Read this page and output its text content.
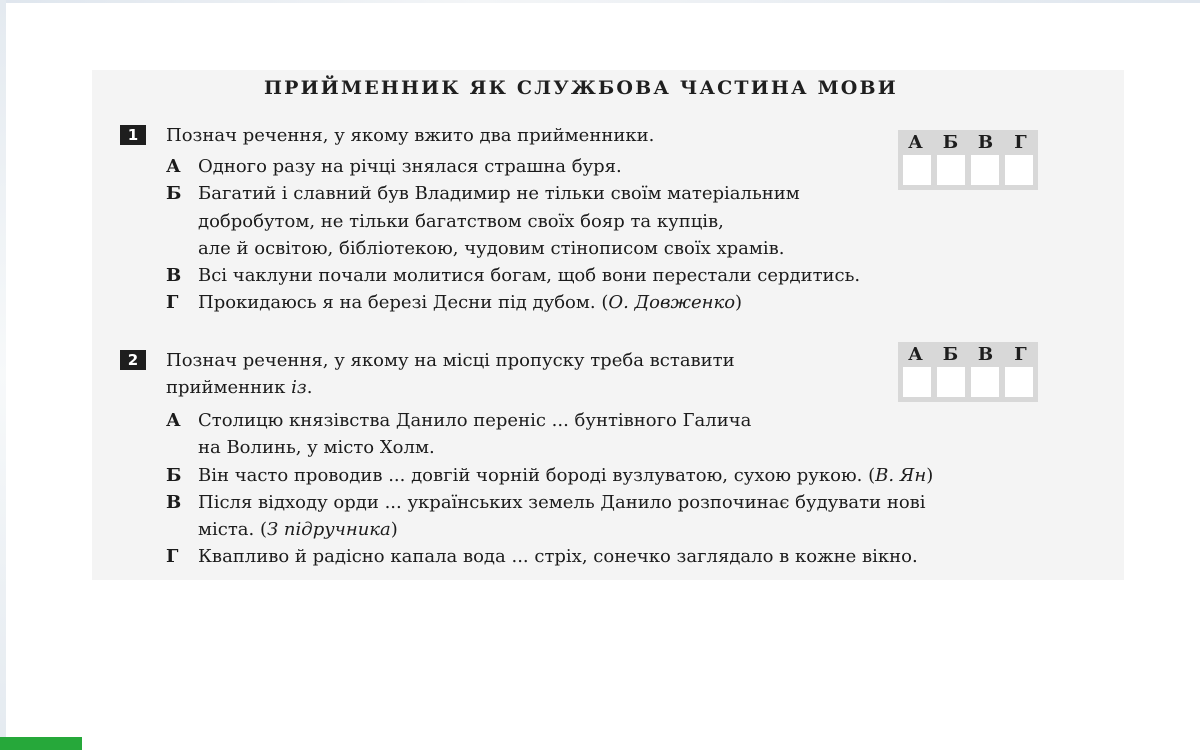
ПРИЙМЕННИК ЯК СЛУЖБОВА ЧАСТИНА МОВИ
1	Познач речення, у якому вжито два прийменники.
А Одного разу на річці знялася страшна буря.
Б Багатий і славний був Владимир не тільки своїм матеріальним
добробутом, не тільки багатством своїх бояр та купців,
але й освітою, бібліотекою, чудовим стінописом своїх храмів.
В Всі чаклуни почали молитися богам, щоб вони перестали сердитись.
Г	Прокидаюсь я на березі Десни під дубом. (О. Довженко)
А	Б	В	Г
2	Познач речення, у якому на місці пропуску треба вставити
прийменник із.
А Столицю князівства Данило переніс ... бунтівного Галича
на Волинь, у місто Холм.
Б Він часто проводив ... довгій чорній бороді вузлуватою, сухою рукою. (В. Ян)
В Після відходу орди ... українських земель Данило розпочинає будувати нові
міста. (З підручника)
Г	Квапливо й радісно капала вода ... стріх, сонечко заглядало в кожне вікно.
А	Б	В	Г
